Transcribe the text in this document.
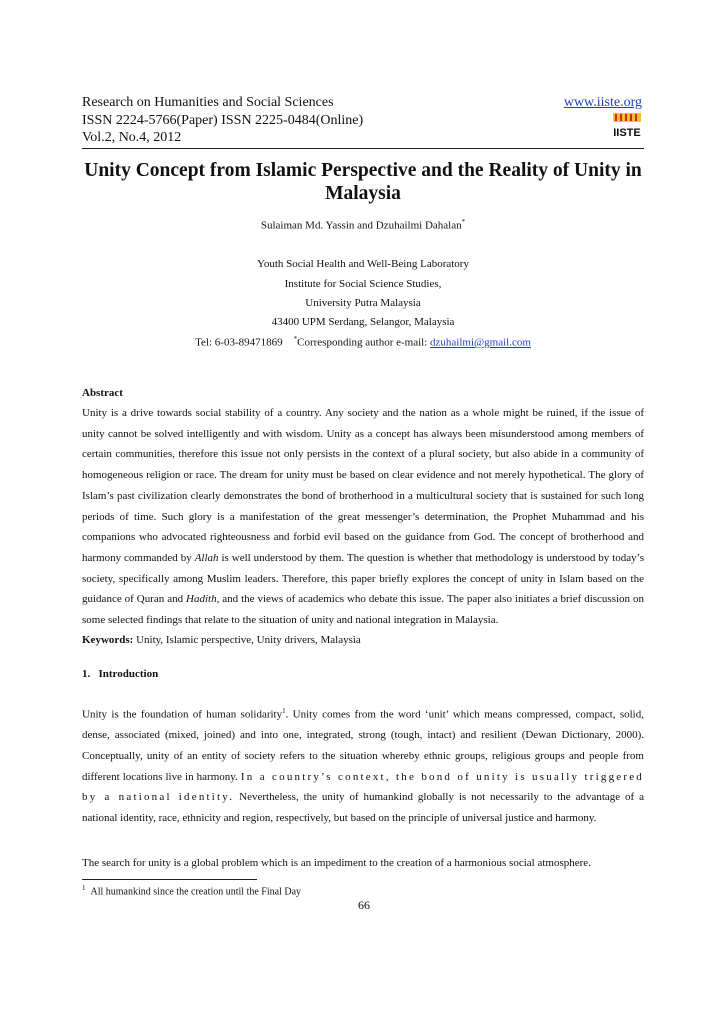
Research on Humanities and Social Sciences
ISSN 2224-5766(Paper) ISSN 2225-0484(Online)
Vol.2, No.4, 2012
www.iiste.org
IISTE
Unity Concept from Islamic Perspective and the Reality of Unity in Malaysia
Sulaiman Md. Yassin and Dzuhailmi Dahalan*
Youth Social Health and Well-Being Laboratory
Institute for Social Science Studies,
University Putra Malaysia
43400 UPM Serdang, Selangor, Malaysia
Tel: 6-03-89471869 *Corresponding author e-mail: dzuhailmi@gmail.com
Abstract
Unity is a drive towards social stability of a country. Any society and the nation as a whole might be ruined, if the issue of unity cannot be solved intelligently and with wisdom. Unity as a concept has always been misunderstood among members of certain communities, therefore this issue not only persists in the context of a plural society, but also abide in a community of homogeneous religion or race. The dream for unity must be based on clear evidence and not merely hypothetical. The glory of Islam’s past civilization clearly demonstrates the bond of brotherhood in a multicultural society that is sustained for such long periods of time. Such glory is a manifestation of the great messenger’s determination, the Prophet Muhammad and his companions who advocated righteousness and forbid evil based on the guidance from God. The concept of brotherhood and harmony commanded by Allah is well understood by them. The question is whether that methodology is understood by today’s society, specifically among Muslim leaders. Therefore, this paper briefly explores the concept of unity in Islam based on the guidance of Quran and Hadith, and the views of academics who debate this issue. The paper also initiates a brief discussion on some selected findings that relate to the situation of unity and national integration in Malaysia.
Keywords: Unity, Islamic perspective, Unity drivers, Malaysia
1. Introduction
Unity is the foundation of human solidarity$^1$. Unity comes from the word ‘unit’ which means compressed, compact, solid, dense, associated (mixed, joined) and into one, integrated, strong (tough, intact) and resilient (Dewan Dictionary, 2000). Conceptually, unity of an entity of society refers to the situation whereby ethnic groups, religious groups and people from different locations live in harmony. In a country’s context, the bond of unity is usually triggered by a national identity. Nevertheless, the unity of humankind globally is not necessarily to the advantage of a national identity, race, ethnicity and region, respectively, but based on the principle of universal justice and harmony.
The search for unity is a global problem which is an impediment to the creation of a harmonious social atmosphere.
$^1$ All humankind since the creation until the Final Day
66
